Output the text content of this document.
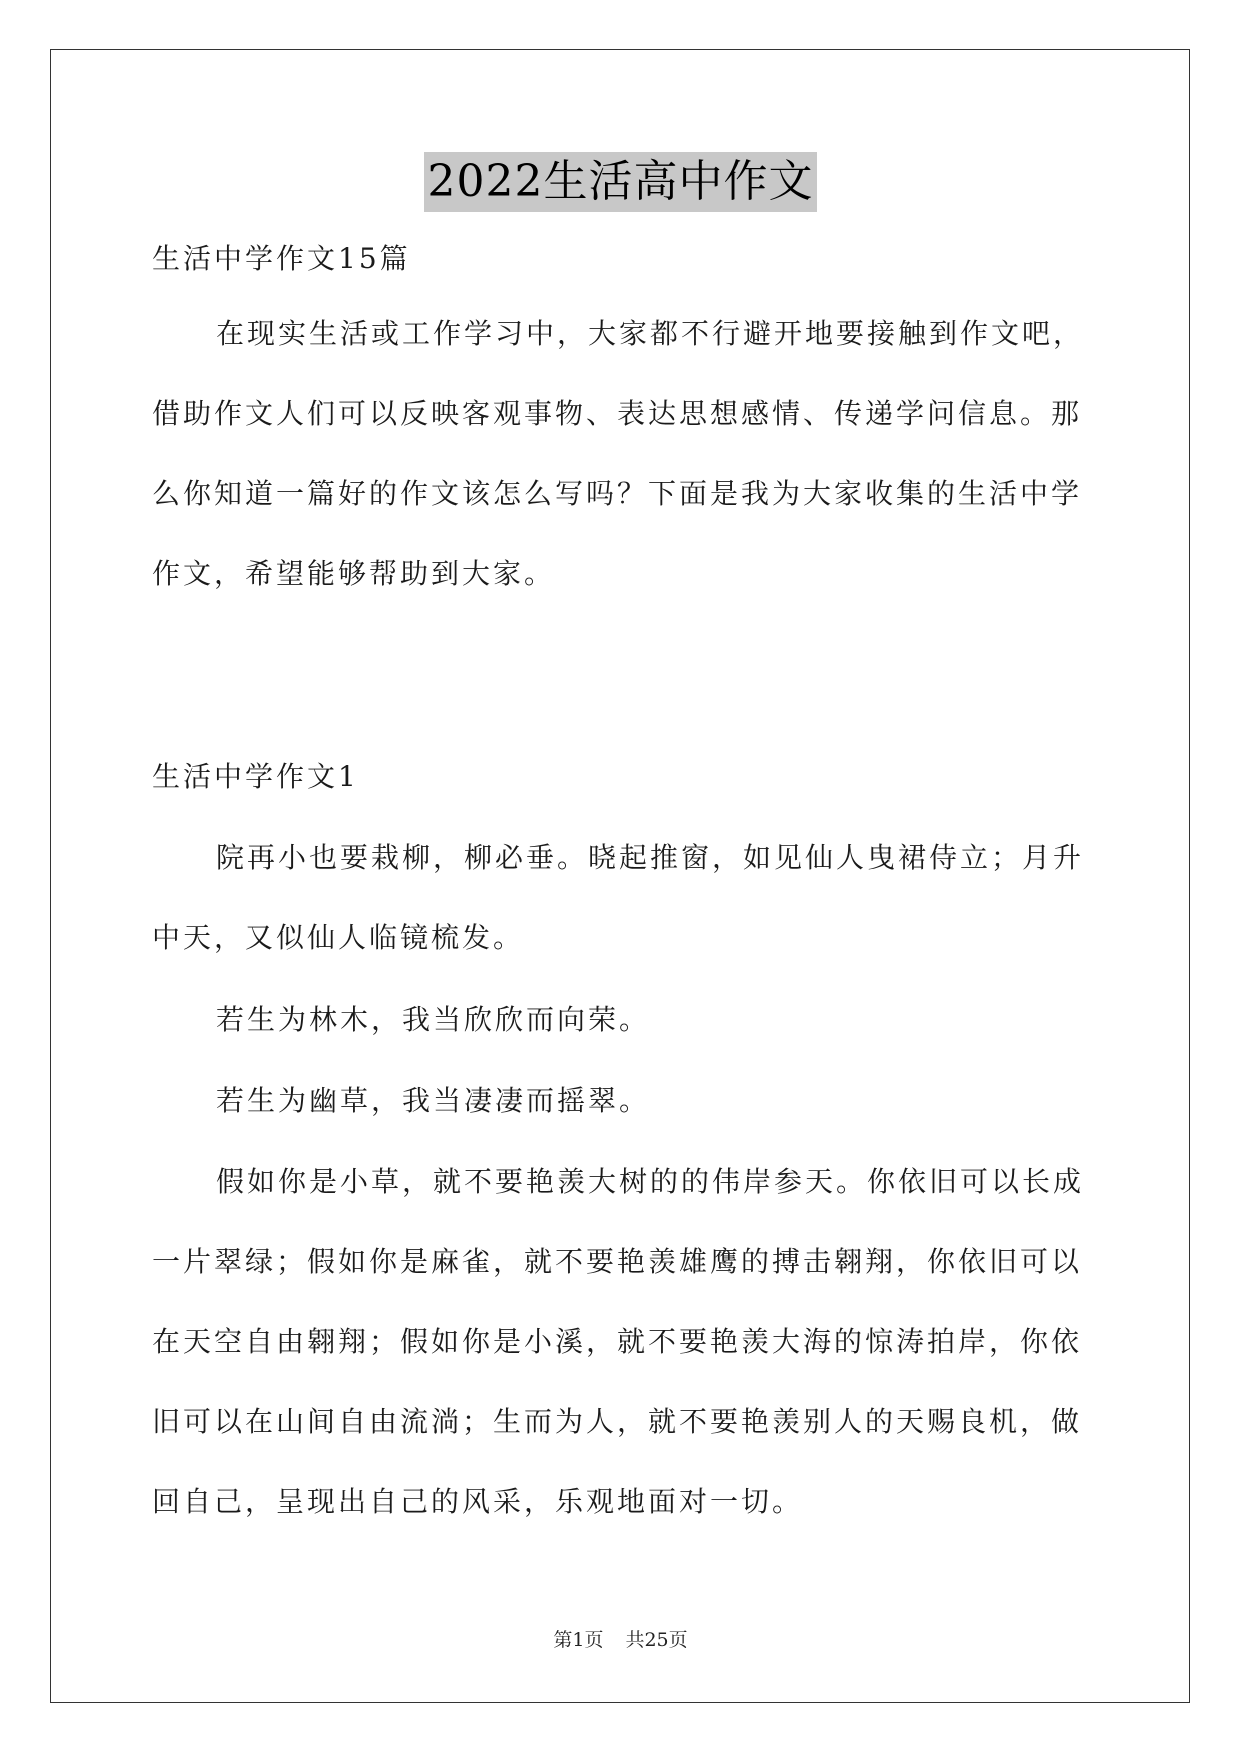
2022生活高中作文
生活中学作文15篇
在现实生活或工作学习中，大家都不行避开地要接触到作文吧，
借助作文人们可以反映客观事物、表达思想感情、传递学问信息。那
么你知道一篇好的作文该怎么写吗？下面是我为大家收集的生活中学
作文，希望能够帮助到大家。
生活中学作文1
院再小也要栽柳，柳必垂。晓起推窗，如见仙人曳裙侍立；月升
中天，又似仙人临镜梳发。
若生为林木，我当欣欣而向荣。
若生为幽草，我当凄凄而摇翠。
假如你是小草，就不要艳羡大树的的伟岸参天。你依旧可以长成
一片翠绿；假如你是麻雀，就不要艳羡雄鹰的搏击翱翔，你依旧可以
在天空自由翱翔；假如你是小溪，就不要艳羡大海的惊涛拍岸，你依
旧可以在山间自由流淌；生而为人，就不要艳羡别人的天赐良机，做
回自己，呈现出自己的风采，乐观地面对一切。
第1页 共25页
